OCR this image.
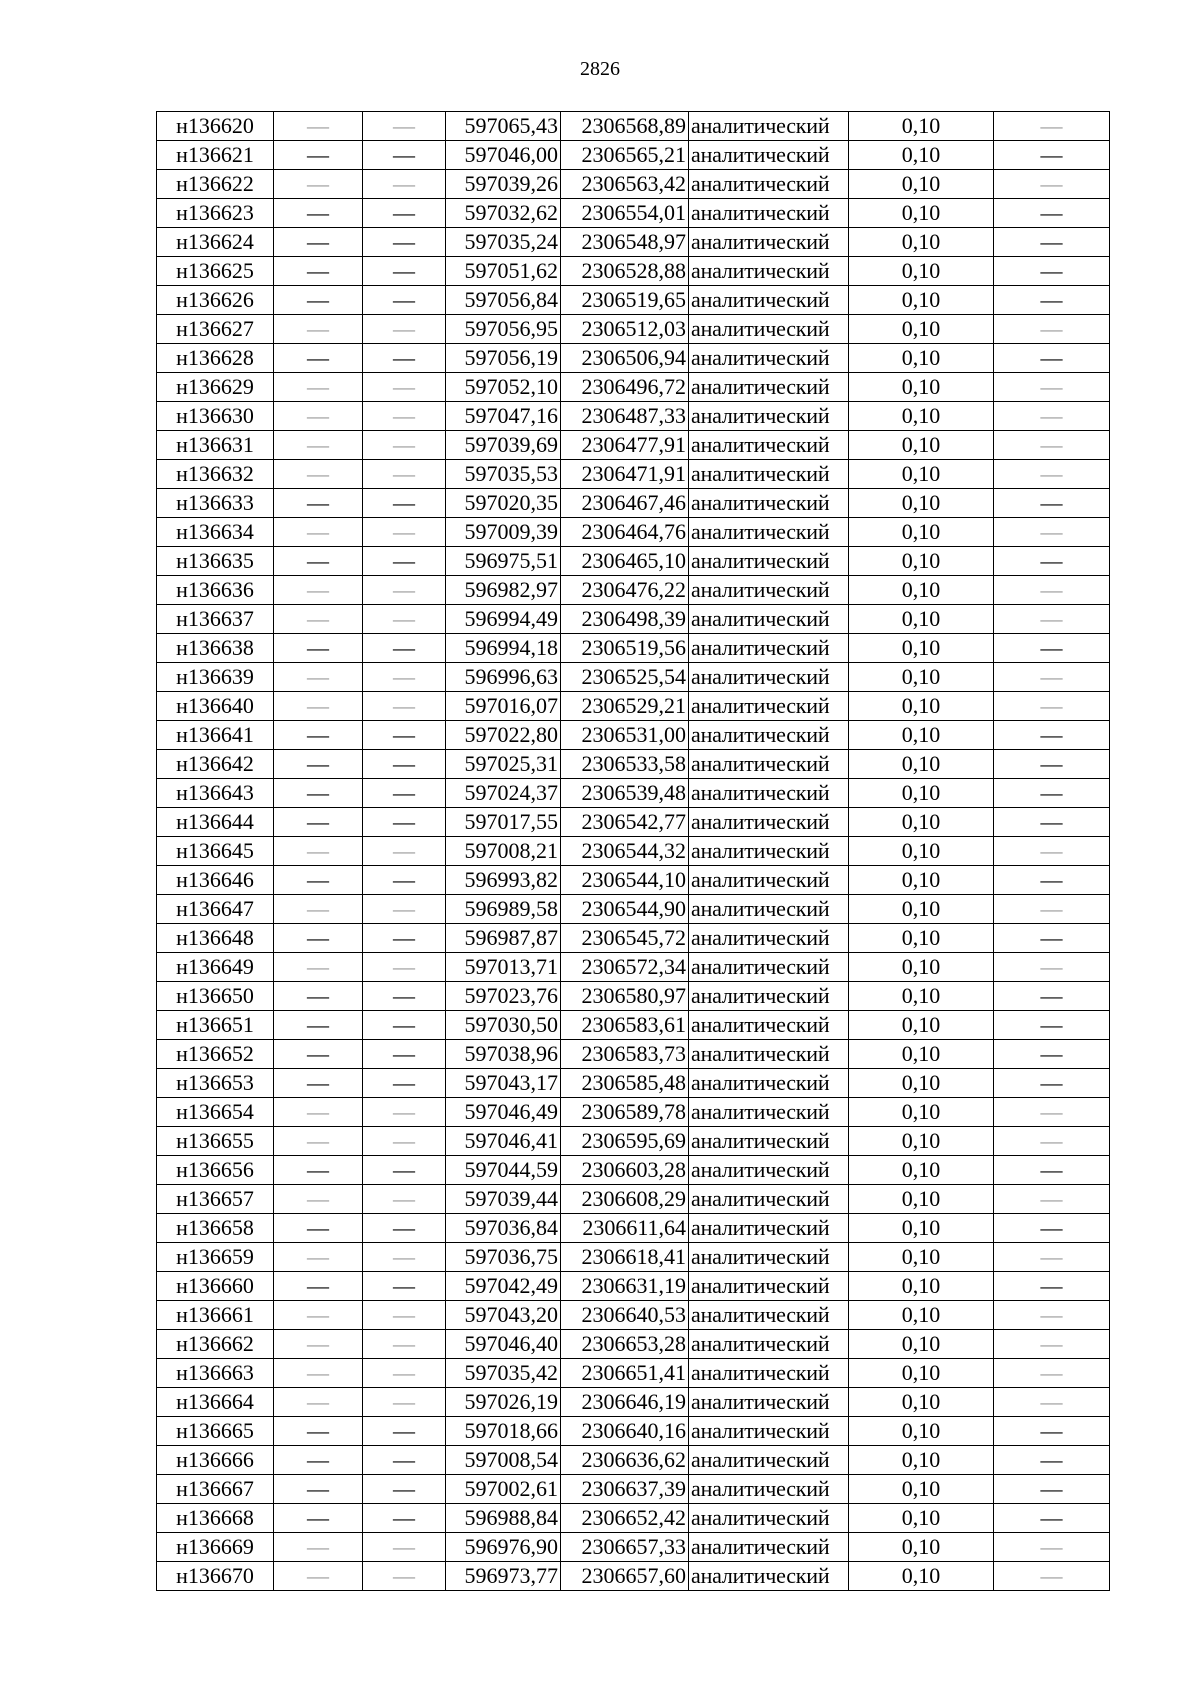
2826
н136620	—	—	597065,43	2306568,89	аналитический	0,10	—
н136621	—	—	597046,00	2306565,21	аналитический	0,10	—
н136622	—	—	597039,26	2306563,42	аналитический	0,10	—
н136623	—	—	597032,62	2306554,01	аналитический	0,10	—
н136624	—	—	597035,24	2306548,97	аналитический	0,10	—
н136625	—	—	597051,62	2306528,88	аналитический	0,10	—
н136626	—	—	597056,84	2306519,65	аналитический	0,10	—
н136627	—	—	597056,95	2306512,03	аналитический	0,10	—
н136628	—	—	597056,19	2306506,94	аналитический	0,10	—
н136629	—	—	597052,10	2306496,72	аналитический	0,10	—
н136630	—	—	597047,16	2306487,33	аналитический	0,10	—
н136631	—	—	597039,69	2306477,91	аналитический	0,10	—
н136632	—	—	597035,53	2306471,91	аналитический	0,10	—
н136633	—	—	597020,35	2306467,46	аналитический	0,10	—
н136634	—	—	597009,39	2306464,76	аналитический	0,10	—
н136635	—	—	596975,51	2306465,10	аналитический	0,10	—
н136636	—	—	596982,97	2306476,22	аналитический	0,10	—
н136637	—	—	596994,49	2306498,39	аналитический	0,10	—
н136638	—	—	596994,18	2306519,56	аналитический	0,10	—
н136639	—	—	596996,63	2306525,54	аналитический	0,10	—
н136640	—	—	597016,07	2306529,21	аналитический	0,10	—
н136641	—	—	597022,80	2306531,00	аналитический	0,10	—
н136642	—	—	597025,31	2306533,58	аналитический	0,10	—
н136643	—	—	597024,37	2306539,48	аналитический	0,10	—
н136644	—	—	597017,55	2306542,77	аналитический	0,10	—
н136645	—	—	597008,21	2306544,32	аналитический	0,10	—
н136646	—	—	596993,82	2306544,10	аналитический	0,10	—
н136647	—	—	596989,58	2306544,90	аналитический	0,10	—
н136648	—	—	596987,87	2306545,72	аналитический	0,10	—
н136649	—	—	597013,71	2306572,34	аналитический	0,10	—
н136650	—	—	597023,76	2306580,97	аналитический	0,10	—
н136651	—	—	597030,50	2306583,61	аналитический	0,10	—
н136652	—	—	597038,96	2306583,73	аналитический	0,10	—
н136653	—	—	597043,17	2306585,48	аналитический	0,10	—
н136654	—	—	597046,49	2306589,78	аналитический	0,10	—
н136655	—	—	597046,41	2306595,69	аналитический	0,10	—
н136656	—	—	597044,59	2306603,28	аналитический	0,10	—
н136657	—	—	597039,44	2306608,29	аналитический	0,10	—
н136658	—	—	597036,84	2306611,64	аналитический	0,10	—
н136659	—	—	597036,75	2306618,41	аналитический	0,10	—
н136660	—	—	597042,49	2306631,19	аналитический	0,10	—
н136661	—	—	597043,20	2306640,53	аналитический	0,10	—
н136662	—	—	597046,40	2306653,28	аналитический	0,10	—
н136663	—	—	597035,42	2306651,41	аналитический	0,10	—
н136664	—	—	597026,19	2306646,19	аналитический	0,10	—
н136665	—	—	597018,66	2306640,16	аналитический	0,10	—
н136666	—	—	597008,54	2306636,62	аналитический	0,10	—
н136667	—	—	597002,61	2306637,39	аналитический	0,10	—
н136668	—	—	596988,84	2306652,42	аналитический	0,10	—
н136669	—	—	596976,90	2306657,33	аналитический	0,10	—
н136670	—	—	596973,77	2306657,60	аналитический	0,10	—
